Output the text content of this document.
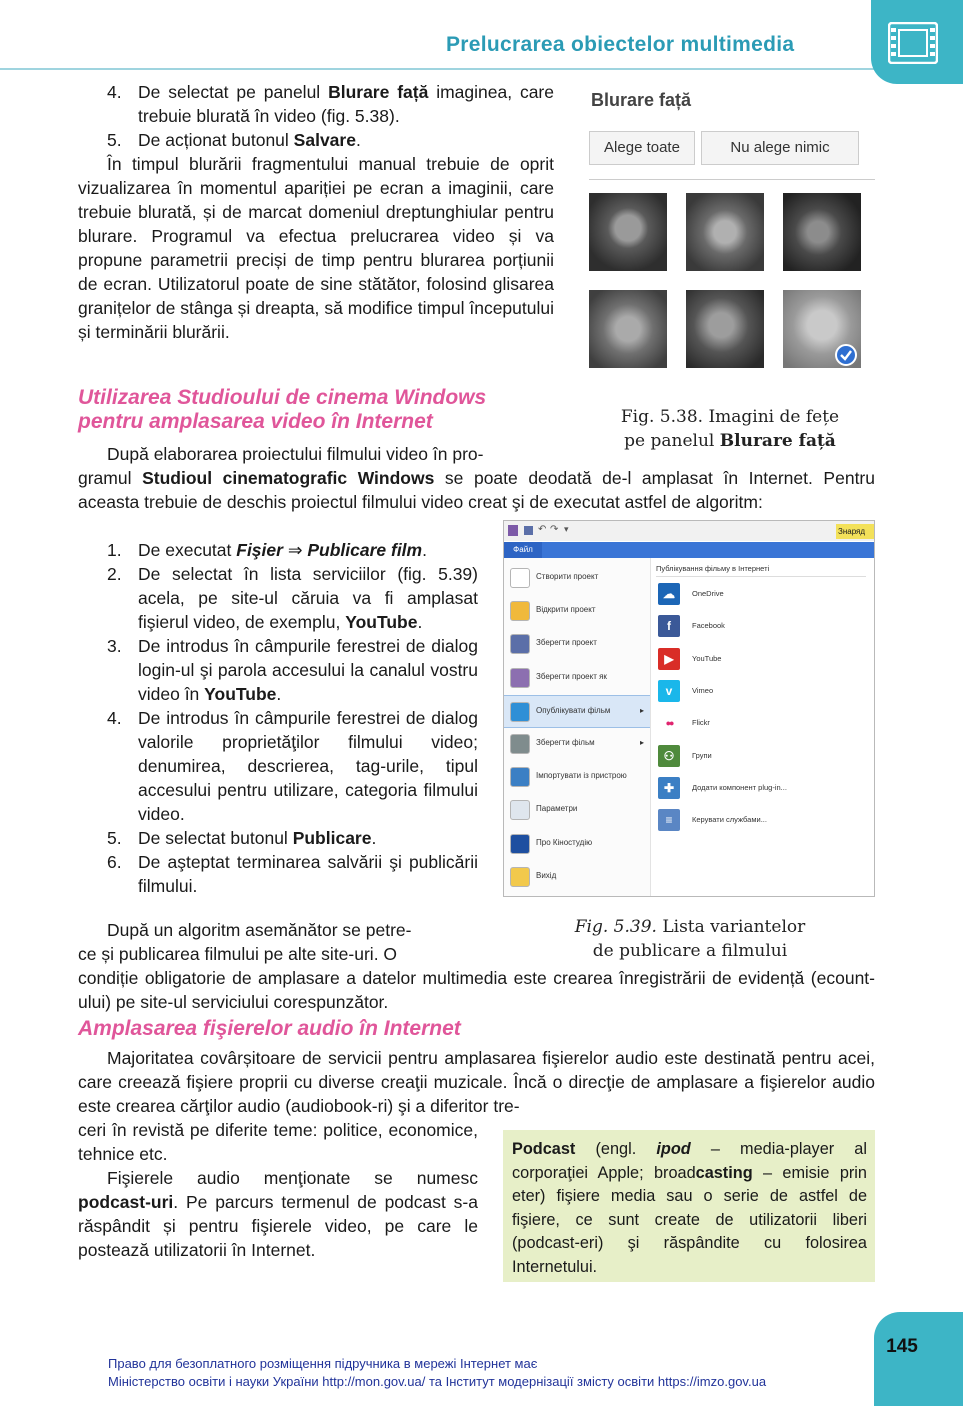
Prelucrarea obiectelor multimedia
4. De selectat pe panelul Blurare față imaginea, care trebuie blurată în video (fig. 5.38).
5. De acționat butonul Salvare.

În timpul blurării fragmentului manual trebuie de oprit vizualizarea în momentul apariției pe ecran a imaginii, care trebuie blurată, și de marcat domeniul dreptunghiular pentru blurare. Programul va efectua prelucrarea video și va propune parametrii preciși de timp pentru blurarea porțiunii de ecran. Utilizatorul poate de sine stătător, folosind glisarea granițelor de stânga și dreapta, să modifice timpul începutului și terminării blurării.

Blurare față
Alege toate	Nu alege nimic
Fig. 5.38. Imagini de fețe
pe panelul Blurare față
Utilizarea Studioului de cinema Windows
pentru amplasarea video în Internet

După elaborarea proiectului filmului video în pro-

gramul Studioul cinematografic Windows se poate deodată de-l amplasat în Internet. Pentru aceasta trebuie de deschis proiectul filmului video creat şi de executat astfel de algoritm:

1. De executat Fişier ⇒ Publicare film.
2. De selectat în lista serviciilor (fig. 5.39) acela, pe site-ul căruia va fi amplasat fişierul video, de exemplu, YouTube.
3. De introdus în câmpurile ferestrei de dialog login-ul şi parola accesului la canalul vostru video în YouTube.
4. De introdus în câmpurile ferestrei de dialog valorile proprietăţilor filmului video; denumirea, descrierea, tag-urile, tipul accesului pentru utilizare, categoria filmului video.
5. De selectat butonul Publicare.
6. De aşteptat terminarea salvării şi publicării filmului.

După un algoritm asemănător se petre-

ce și publicarea filmului pe alte site-uri. O

condiție obligatorie de amplasare a datelor multimedia este crearea înregistrării de evidență (ecount-ului) pe site-ul serviciului corespunzător.

↶ ↷ ▾	Знаряд
Файл
Створити проект
Відкрити проект
Зберегти проект
Зберегти проект як
Опублікувати фільм	▸
Зберегти фільм	▸
Імпортувати із пристрою
Параметри
Про Кіностудію
Вихід
Публікування фільму в Інтернеті
☁	OneDrive
f	Facebook
▶	YouTube
v	Vimeo
●●	Flickr
⚇	Групи
✚	Додати компонент plug-in...
≡	Керувати службами...
Fig. 5.39. Lista variantelor
de publicare a filmului
Amplasarea fişierelor audio în Internet

Majoritatea covârșitoare de servicii pentru amplasarea fişierelor audio este destinată pentru acei, care creează fişiere proprii cu diverse creaţii muzicale. Încă o direcţie de amplasare a fişierelor audio este crearea cărţilor audio (audiobook-ri) şi a diferitor tre-

ceri în revistă pe diferite teme: politice, economice, tehnice etc.

Fişierele audio menţionate se numesc podcast-uri. Pe parcurs termenul de podcast s-a răspândit și pentru fişierele video, pe care le postează utilizatorii în Internet.

Podcast (engl. ipod – media-player al corporaţiei Apple; broadcasting – emisie prin eter) fişiere media sau o serie de astfel de fişiere, ce sunt create de utilizatorii liberi (podcast-eri) şi răspândite cu folosirea Internetului.
145
Право для безоплатного розміщення підручника в мережі Інтернет має
Міністерство освіти і науки України http://mon.gov.ua/ та Інститут модернізації змісту освіти https://imzo.gov.ua
